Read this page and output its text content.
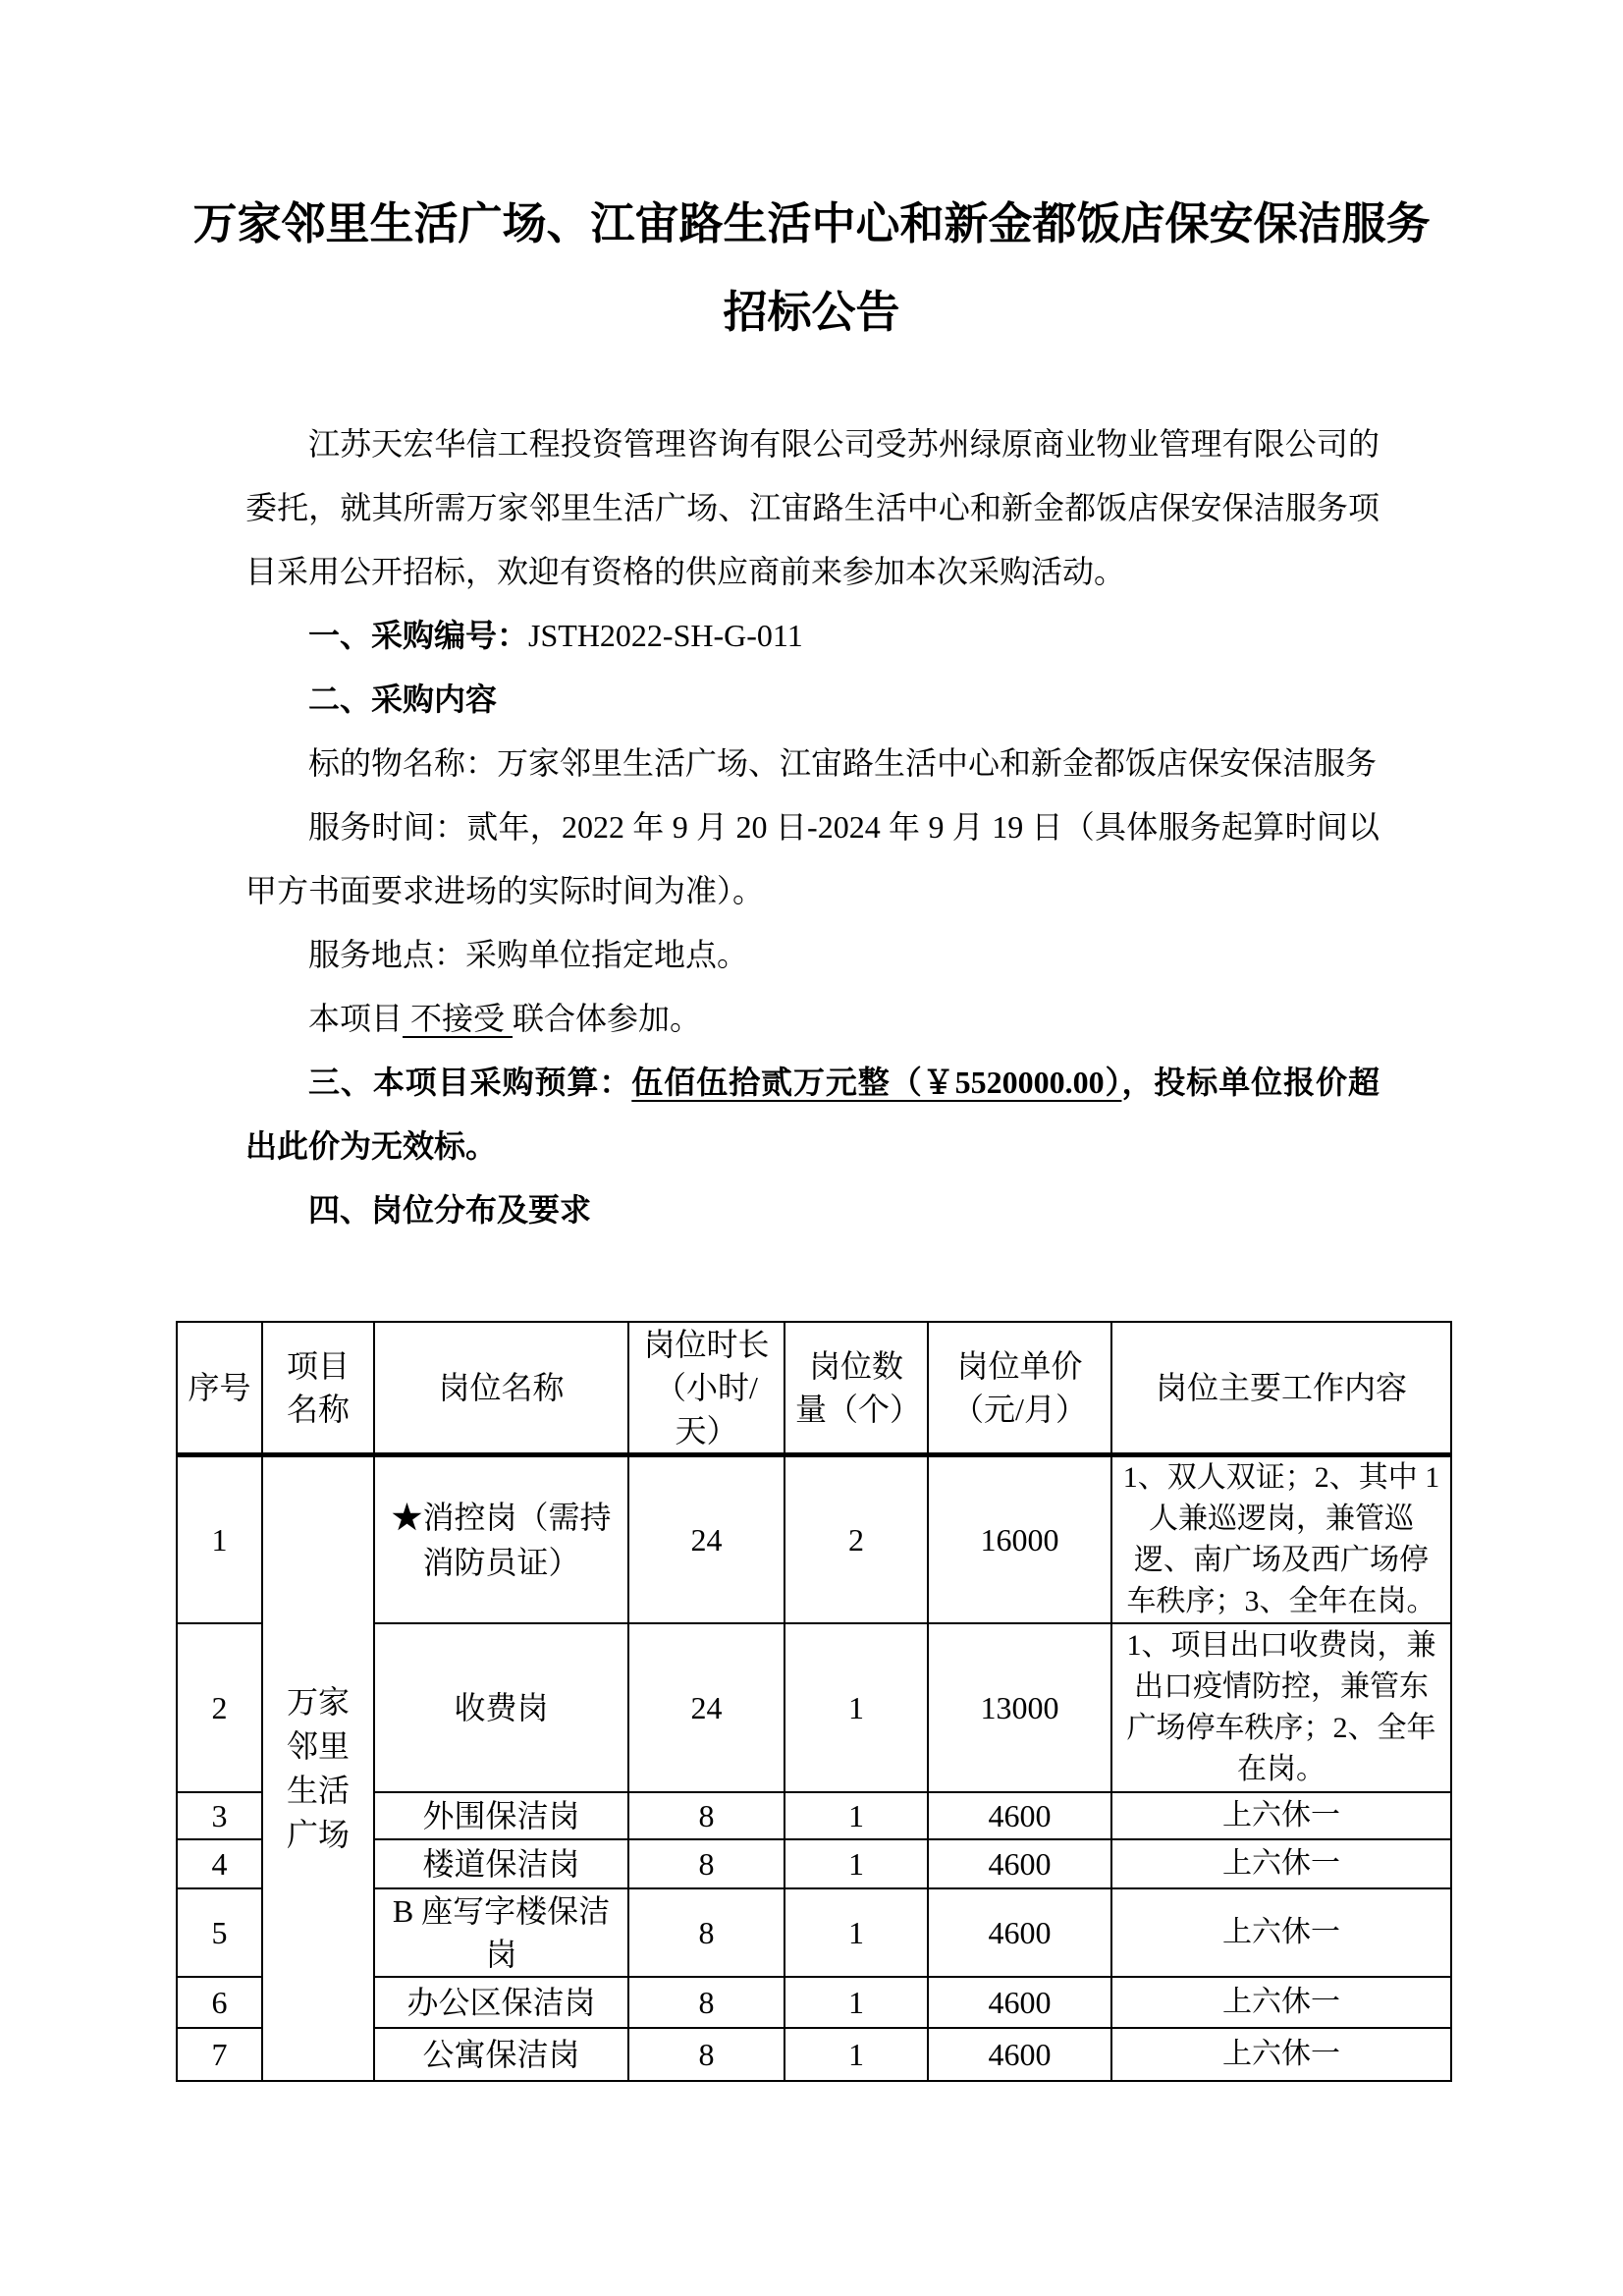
万家邻里生活广场、江宙路生活中心和新金都饭店保安保洁服务
招标公告

江苏天宏华信工程投资管理咨询有限公司受苏州绿原商业物业管理有限公司的委托，就其所需万家邻里生活广场、江宙路生活中心和新金都饭店保安保洁服务项目采用公开招标，欢迎有资格的供应商前来参加本次采购活动。

一、采购编号：JSTH2022-SH-G-011

二、采购内容

标的物名称：万家邻里生活广场、江宙路生活中心和新金都饭店保安保洁服务

服务时间：贰年，2022 年 9 月 20 日-2024 年 9 月 19 日（具体服务起算时间以甲方书面要求进场的实际时间为准）。

服务地点：采购单位指定地点。

本项目 不接受 联合体参加。

三、本项目采购预算：伍佰伍拾贰万元整（￥5520000.00），投标单位报价超出此价为无效标。

四、岗位分布及要求

序号	项目名称	岗位名称	岗位时长（小时/天）	岗位数量（个）	岗位单价（元/月）	岗位主要工作内容
1	万家邻里生活广场	★消控岗（需持消防员证）	24	2	16000	1、双人双证；2、其中 1 人兼巡逻岗，兼管巡逻、南广场及西广场停车秩序；3、全年在岗。
2		收费岗	24	1	13000	1、项目出口收费岗，兼出口疫情防控，兼管东广场停车秩序；2、全年在岗。
3		外围保洁岗	8	1	4600	上六休一
4		楼道保洁岗	8	1	4600	上六休一
5		B 座写字楼保洁岗	8	1	4600	上六休一
6		办公区保洁岗	8	1	4600	上六休一
7		公寓保洁岗	8	1	4600	上六休一
